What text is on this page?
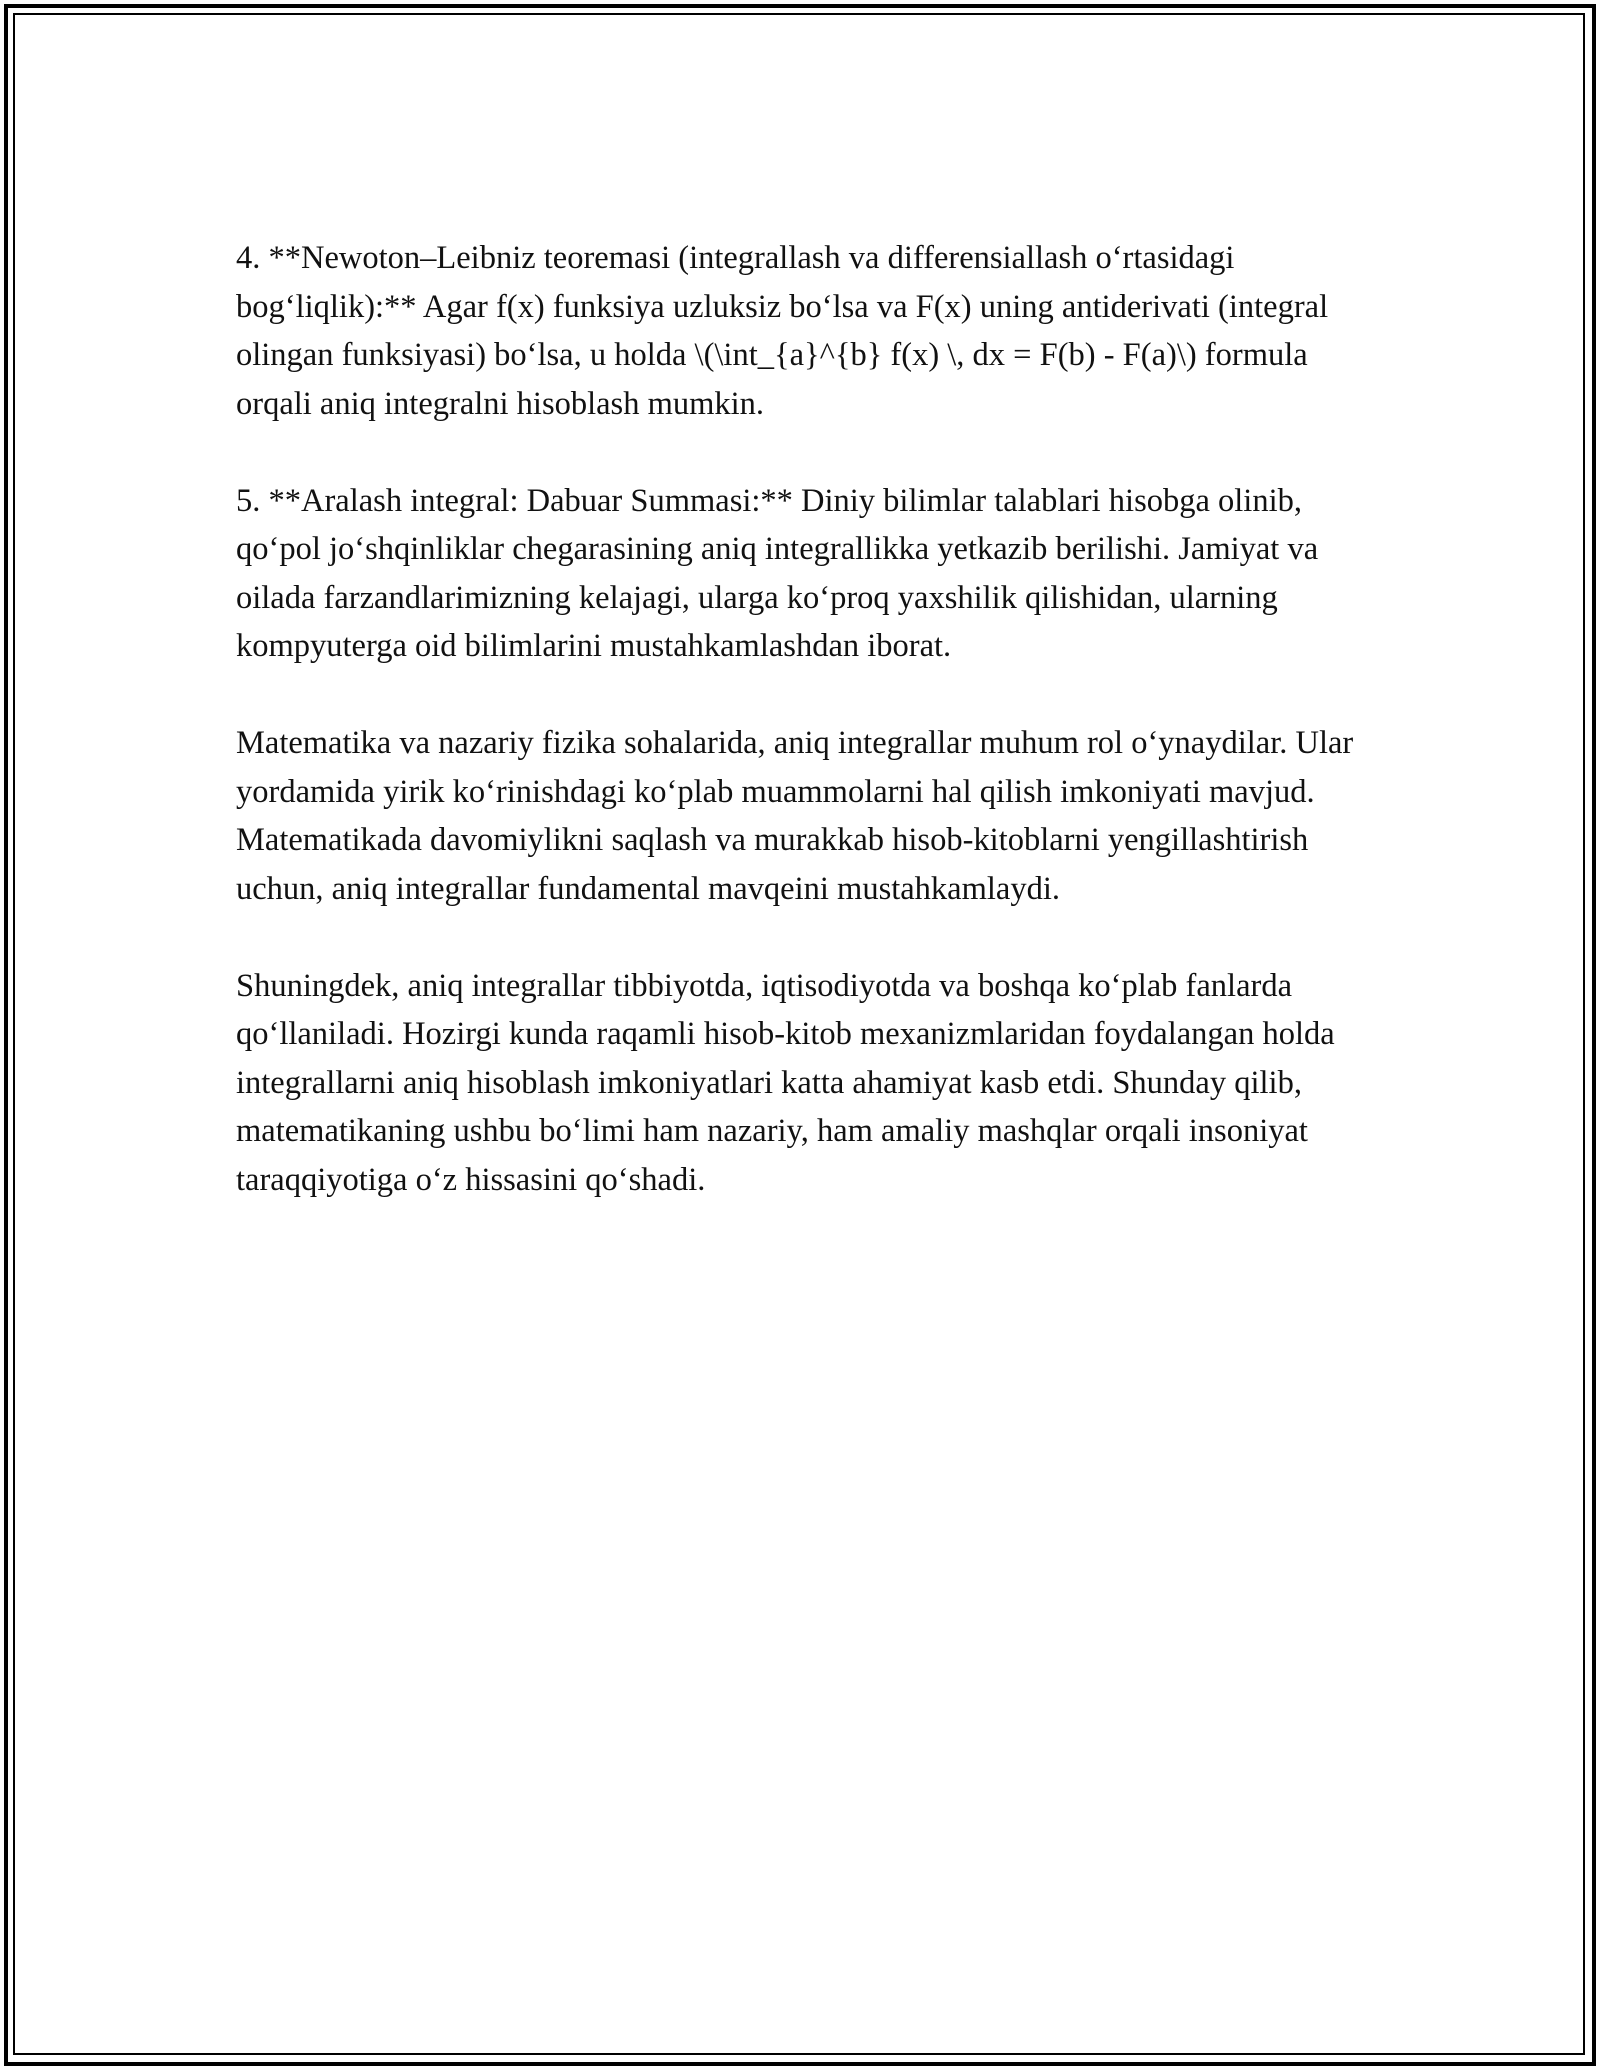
4. **Newoton–Leibniz teoremasi (integrallash va differensiallash o‘rtasidagi bog‘liqlik):** Agar f(x) funksiya uzluksiz bo‘lsa va F(x) uning antiderivati (integral olingan funksiyasi) bo‘lsa, u holda \(\int_{a}^{b} f(x) \, dx = F(b) - F(a)\) formula orqali aniq integralni hisoblash mumkin.

5. **Aralash integral: Dabuar Summasi:** Diniy bilimlar talablari hisobga olinib, qo‘pol jo‘shqinliklar chegarasining aniq integrallikka yetkazib berilishi. Jamiyat va oilada farzandlarimizning kelajagi, ularga ko‘proq yaxshilik qilishidan, ularning kompyuterga oid bilimlarini mustahkamlashdan iborat.

Matematika va nazariy fizika sohalarida, aniq integrallar muhum rol o‘ynaydilar. Ular yordamida yirik ko‘rinishdagi ko‘plab muammolarni hal qilish imkoniyati mavjud. Matematikada davomiylikni saqlash va murakkab hisob-kitoblarni yengillashtirish uchun, aniq integrallar fundamental mavqeini mustahkamlaydi.

Shuningdek, aniq integrallar tibbiyotda, iqtisodiyotda va boshqa ko‘plab fanlarda qo‘llaniladi. Hozirgi kunda raqamli hisob-kitob mexanizmlaridan foydalangan holda integrallarni aniq hisoblash imkoniyatlari katta ahamiyat kasb etdi. Shunday qilib, matematikaning ushbu bo‘limi ham nazariy, ham amaliy mashqlar orqali insoniyat taraqqiyotiga o‘z hissasini qo‘shadi.
